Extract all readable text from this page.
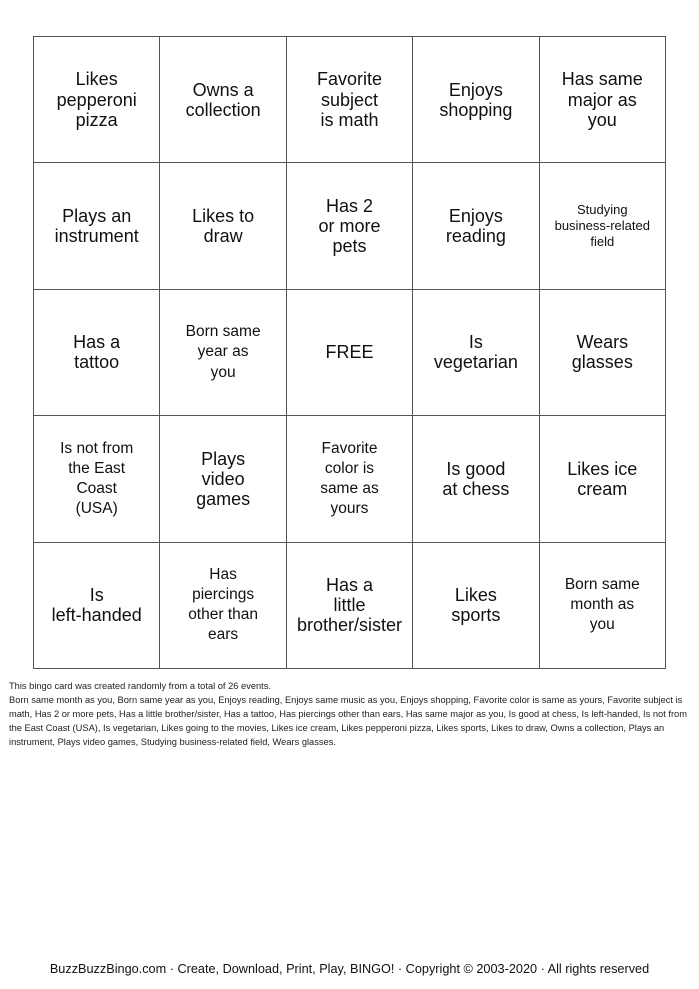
Likes
pepperoni
pizza
Owns a
collection
Favorite
subject
is math
Enjoys
shopping
Has same
major as
you
Plays an
instrument
Likes to
draw
Has 2
or more
pets
Enjoys
reading
Studying
business-related
field
Has a
tattoo
Born same
year as
you
FREE
Is
vegetarian
Wears
glasses
Is not from
the East
Coast
(USA)
Plays
video
games
Favorite
color is
same as
yours
Is good
at chess
Likes ice
cream
Is
left-handed
Has
piercings
other than
ears
Has a
little
brother/sister
Likes
sports
Born same
month as
you

This bingo card was created randomly from a total of 26 events.

Born same month as you, Born same year as you, Enjoys reading, Enjoys same music as you, Enjoys shopping, Favorite color is same as yours, Favorite subject is math, Has 2 or more pets, Has a little brother/sister, Has a tattoo, Has piercings other than ears, Has same major as you, Is good at chess, Is left-handed, Is not from the East Coast (USA), Is vegetarian, Likes going to the movies, Likes ice cream, Likes pepperoni pizza, Likes sports, Likes to draw, Owns a collection, Plays an instrument, Plays video games, Studying business-related field, Wears glasses.

BuzzBuzzBingo.com · Create, Download, Print, Play, BINGO! · Copyright © 2003-2020 · All rights reserved
